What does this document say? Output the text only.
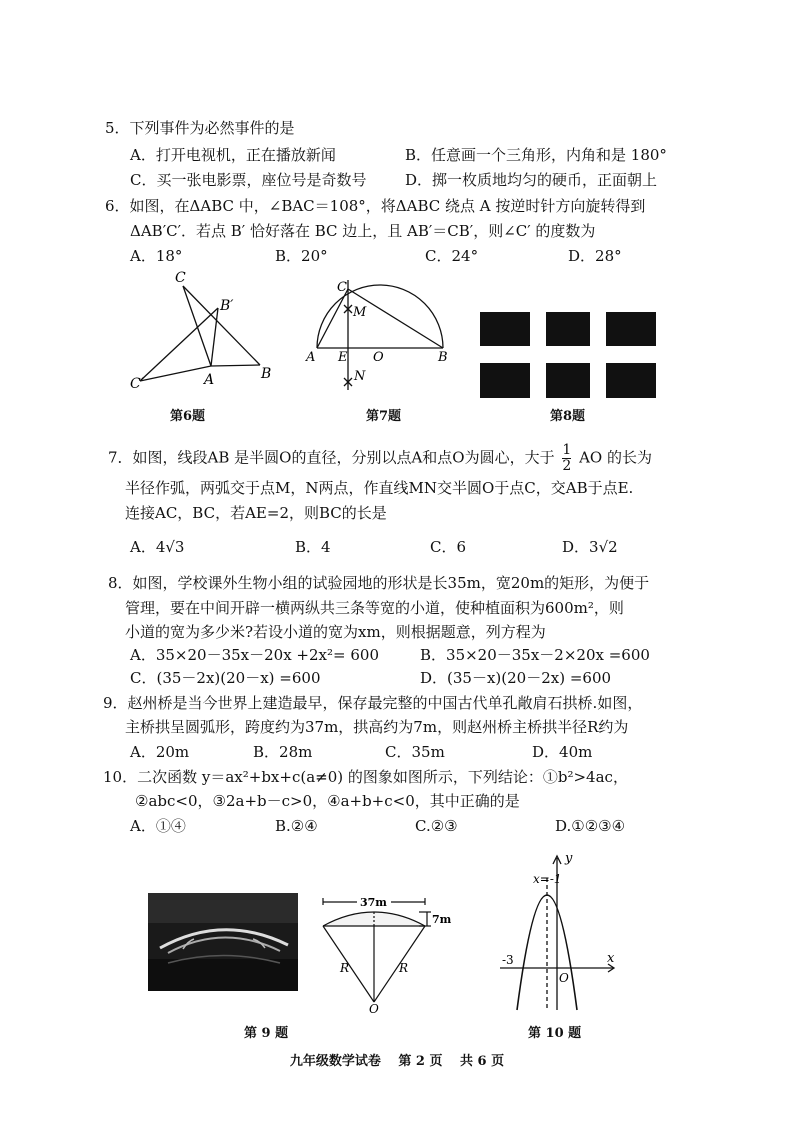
5．下列事件为必然事件的是
A．打开电视机，正在播放新闻	B．任意画一个三角形，内角和是 180°
C．买一张电影票，座位号是奇数号	D．掷一枚质地均匀的硬币，正面朝上
6．如图，在ΔABC 中，∠BAC＝108°，将ΔABC 绕点 A 按逆时针方向旋转得到
ΔAB′C′．若点 B′ 恰好落在 BC 边上，且 AB′＝CB′，则∠C′ 的度数为
A．18°	B．20°	C．24°	D．28°
C
B′
C′	A	B
第6题
C
M
A E O	B
N
第7题	第8题
7．如图，线段AB 是半圆O的直径，分别以点A和点O为圆心，大于 $\frac{1}{2}$ AO 的长为
半径作弧，两弧交于点M，N两点，作直线MN交半圆O于点C，交AB于点E.
连接AC，BC，若AE=2，则BC的长是
A．4√3	B．4	C．6	D．3√2
8．如图，学校课外生物小组的试验园地的形状是长35m，宽20m的矩形，为便于
管理，要在中间开辟一横两纵共三条等宽的小道，使种植面积为600m²，则
小道的宽为多少米?若设小道的宽为xm，则根据题意，列方程为
A．35×20－35x－20x +2x²= 600	B．35×20－35x－2×20x =600
C．(35－2x)(20－x) =600	D．(35－x)(20－2x) =600
9．赵州桥是当今世界上建造最早，保存最完整的中国古代单孔敞肩石拱桥.如图，
主桥拱呈圆弧形，跨度约为37m，拱高约为7m，则赵州桥主桥拱半径R约为
A．20m	B．28m	C．35m	D．40m
10．二次函数 y＝ax²+bx+c(a≠0) 的图象如图所示，下列结论：①b²>4ac，
②abc<0，③2a+b－c>0，④a+b+c<0，其中正确的是
A．①④	B.②④	C.②③	D.①②③④
37m
7m
R	R
O
y
x=-1
-3
O
x
第 9 题	第 10 题
九年级数学试卷　 第 2 页　 共 6 页
